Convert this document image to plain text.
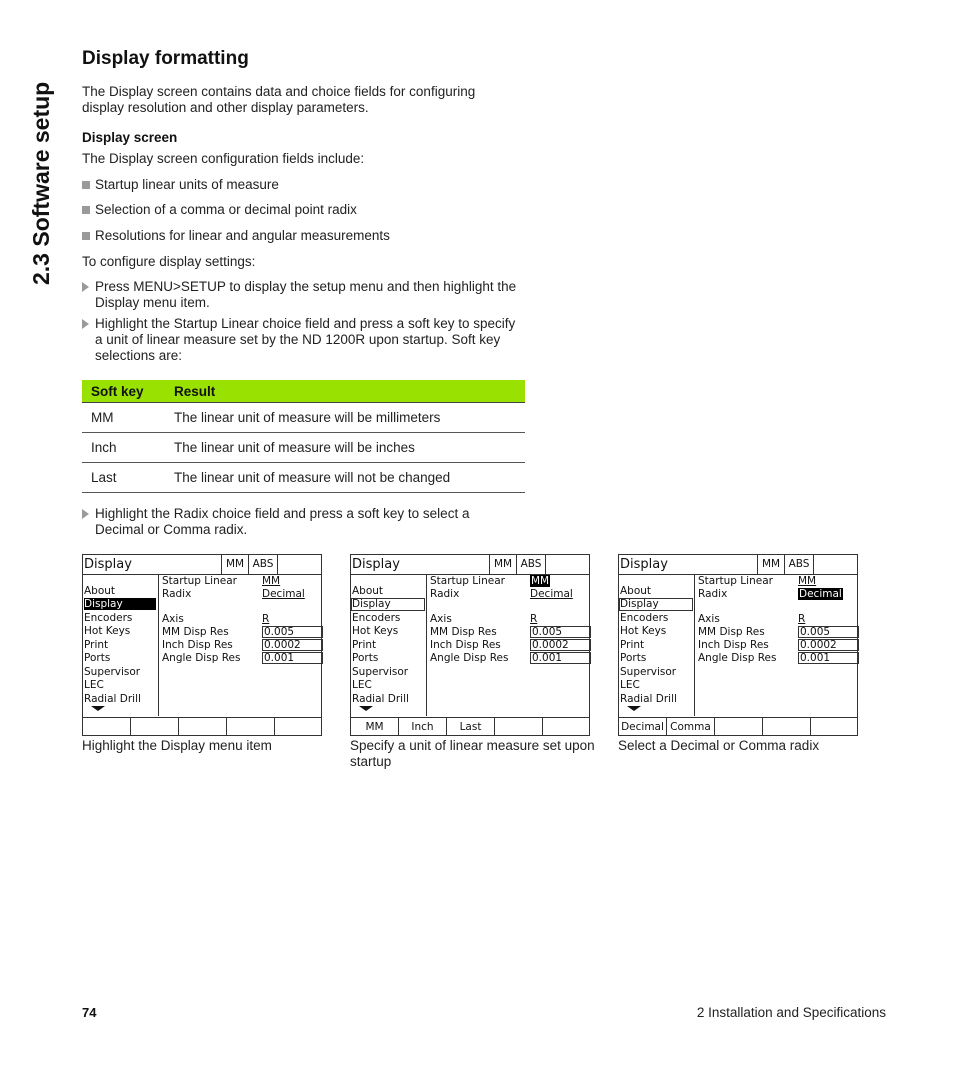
2.3 Software setup
Display formatting
The Display screen contains data and choice fields for configuring display resolution and other display parameters.
Display screen
The Display screen configuration fields include:
Startup linear units of measure
Selection of a comma or decimal point radix
Resolutions for linear and angular measurements
To configure display settings:
Press MENU>SETUP to display the setup menu and then highlight the Display menu item.
Highlight the Startup Linear choice field and press a soft key to specify a unit of linear measure set by the ND 1200R upon startup. Soft key selections are:
Soft key	Result
MM	The linear unit of measure will be millimeters
Inch	The linear unit of measure will be inches
Last	The linear unit of measure will not be changed
Highlight the Radix choice field and press a soft key to select a Decimal or Comma radix.
Display	MM ABS
About
Display
Encoders
Hot Keys
Print
Ports
Supervisor
LEC
Radial Drill
Startup Linear MM
Radix	Decimal
Axis	R
MM Disp Res	0.005
Inch Disp Res	0.0002
Angle Disp Res 0.001
Highlight the Display menu item
Display	MM ABS
About
Display
Encoders
Hot Keys
Print
Ports
Supervisor
LEC
Radial Drill
Startup Linear MM
Radix	Decimal
Axis	R
MM Disp Res	0.005
Inch Disp Res	0.0002
Angle Disp Res 0.001
MM	Inch	Last
Specify a unit of linear measure set upon startup
Display	MM ABS
About
Display
Encoders
Hot Keys
Print
Ports
Supervisor
LEC
Radial Drill
Startup Linear MM
Radix	Decimal
Axis	R
MM Disp Res	0.005
Inch Disp Res	0.0002
Angle Disp Res 0.001
Decimal Comma
Select a Decimal or Comma radix
74	2 Installation and Specifications
